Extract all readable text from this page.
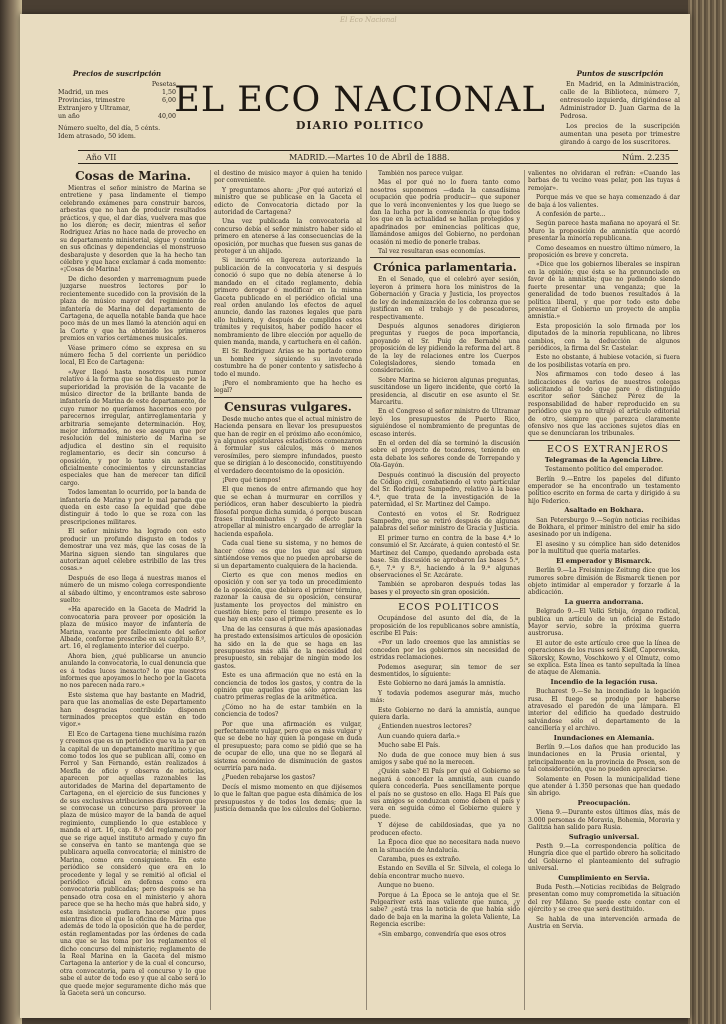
El Eco Nacional
Precios de suscripción
Pesetas
Madrid, un mes	1,50
Provincias, trimestre	6,00
Extranjero y Ultramar,
un año	40,00
Número suelto, del día, 5 cénts.
Idem atrasado, 50 idem.
EL ECO NACIONAL
DIARIO POLITICO
Puntos de suscripción
En Madrid, en la Administración, calle de la Biblioteca, número 7, entresuelo izquierda, dirigiéndose al Administrador D. Juan Garma de la Pedrosa.
Los precios de la suscripción aumentan una peseta por trimestre girando á cargo de los suscritores.
Año VII	MADRID.—Martes 10 de Abril de 1888.	Núm. 2.235

Cosas de Marina.

Mientras el señor ministro de Marina se entretiene y pasa lindamente el tiempo celebrando exámenes para construir barcos, arbestas que no han de producir resultados prácticos, y que, el dar días, vuelvera mas que no los dieron; es decir, mientras el señor Rodriguez Arias no hace nada de provecho en su departamento ministerial, sigue y continúa en sus oficinas y dependencias el monstruoso desbarajuste y desorden que la ha hecho tan célebre y que hace exclamar á cada momento: «¡Cosas de Marina!

De dicho desorden y marremagnum puede juzgarse nuestros lectores por lo recientemente sucedido con la provisión de la plaza de músico mayor del regimiento de infantería de Marina del departamento de Cartagena, de aquella notable banda que hace poco más de un mes llamó la atención aquí en la Corte y que ha obtenido los primeros premios en varios certámenes musicales.

Véase primero cómo se expresa en su número fecha 5 del corriente un periódico local, El Eco de Cartagena:

«Ayer llegó hasta nosotros un rumor relativo á la forma que se ha dispuesto por la superioridad la provisión de la vacante de músico director de la brillante banda de infantería de Marina de este departamento, de cuyo rumor no queríamos hacernos eco por parecernos irregular, antirreglamentaria y arbitraria semejante determinación. Hoy, mejor informados, no ese asegura que por resolución del ministerio de Marina se adjudica el destino sin el requisito reglamentario, es decir sin concurso á oposición, y por lo tanto sin acreditar oficialmente conocimientos y circunstancias especiales que han de merecer tan difícil cargo.

Todos lamentan lo ocurrido, por la banda de infantería de Marina y por lo mal parada que queda en este caso la equidad que debe distinguir á todo lo que se roza con las prescripciones militares.

El señor ministro ha logrado con esto producir un profundo disgusto en todos y demostrar una vez más, que las cosas de la Marina siguen siendo tan singulares que autorizan aquel célebre estribillo de las tres cosas.»

Después de eso llega á nuestras manos el número de un mismo colega correspondiente al sábado último, y encontramos este sabroso suelto:

«Ha aparecido en la Gaceta de Madrid la convocatoria para proveer por oposición la plaza de músico mayor de infantería de Marina, vacante por fallecimiento del señor Albade, conforme prescribe en su capítulo 8.º, art. 16, el reglamento interior del cuerpo.

Ahora bien, ¿qué publicarse un anuncio anulando la convocatoria, lo cual denuncia que es á todas luces inexacto? lo que nuestros informes que apoyamos lo hecho por la Gaceta no nos parecen nada raro.»

Este sistema que hay bastante en Madrid, para que las anomalías de este Departamento han desgracias contribuido disponen terminados preceptos que están en todo vigor.»

El Eco de Cartagena tiene muchísima razón y creemos que es un periódico que va la par en la capital de un departamento marítimo y que como todos los que se publican allí, como en Ferrol y San Fernando, están realizados á Mexfla de oficio y observa de noticias, aparecen por aquellas razonables las autoridades de Marina del departamento de Cartagena, en el ejercicio de sus funciones y de sus exclusivas atribuciones dispusieron que se convocase un concurso para proveer la plaza de músico mayor de la banda de aquel regimiento, cumpliendo lo que establece y manda el art. 16, cap. 8.º del reglamento por que se rige aquel instituto armado y cuyo fin se conserva en tanto se mantenga que se publicara aquella convocatoria; el ministro de Marina, como era consiguiente. En este periódico se consideró que era en lo procedente y legal y se remitió al oficial el periódico oficial en defensa como era convocatoria publicadas; pero después se ha pensado otra cosa en el ministerio y ahora parece que se ha hecho más que habrá sido, y esta insistencia pudiera hacerse que pues mientras dice el que la oficina de Marina que además de todo la oposición que ha de perder, están reglamentadas por las órdenes de cada una que se las toma por los reglamentos el dicho concurso del ministerio; reglamento de la Real Marina en la Gaceta del mismo Cartagena la anterior y de la cual el concurso, otra convocatoria, para el concurso y lo que sabe el autor de todo eso y que al cabo será lo que quede mejor seguramente dicho más que la Gaceta será un concurso.

el destino de músico mayor á quien ha tenido por conveniente.

Y preguntamos ahora: ¿Por qué autorizó el ministro que se publicase en la Gaceta el edicto de Convocatoria dictado por la autoridad de Cartagena?

Una vez publicada la convocatoria al concurso debía el señor ministro haber sido el primero en atenerse á las consecuencias de la oposición, por muchas que fuesen sus ganas de proteger á un ahijado.

Si incurrió en ligereza autorizando la publicación de la convocatoria y si después conoció ó supo que no debía atenerse á lo mandado en el citado reglamento, debía primero derogar ó modificar en la misma Gaceta publicado en el periódico oficial una real orden anulando los efectos de aquel anuncio, dando las razones legales que para ello hubiera, y después de cumplidos estos trámites y requisitos, haber podido hacer el nombramiento de libre elección por aquello de quien manda, manda, y cartuchera en el cañón.

El Sr. Rodriguez Arias se ha portado como un hombre y siguiendo su inveterada costumbre ha de poner contento y satisfecho á todo el mundo.

¡Pero el nombramiento que ha hecho es legal?

Censuras vulgares.

Desde mucho antes que el actual ministro de Hacienda pensara en llevar los presupuestos que han de regir en el próximo año económico, ya algunos epistolares estadísticos comenzaron á formular sus cálculos, más ó menos verosímiles, pero siempre infundados, puesto que se dirigían á lo desconocido, constituyendo el verdadero decentoismo de la oposición.

¡Pero qué tiempos!

El que menos de entre afirmando que hoy que se echan á murmurar en corrillos y periódicos, eran haber descubierto la piedra filosofal porque dicha sumida, ó porque buscan frases rimbombantes y de efecto para atropellar al ministro encargado de arreglar la hacienda española.

Cada cual tiene su sistema, y no hemos de hacer cómo es que los que así siguen sintiéndose vemos que no pueden aprobarse de si un departamento cualquiera de la hacienda.

Cierto es que con menos medios en oposición y con ser ya todo un procedimiento de la oposición, que debiera el primer término, razonar la causa de su oposición, censurar justamente los proyectos del ministro en cuestión bien; pero el tiempo presente es lo que hay en este caso el primero.

Una de las censuras á que más apasionadas ha prestado extensísimos artículos de oposición ha sido en la de que se haga en las presupuestos más allá de la necesidad del presupuesto, sin rebajar de ningún modo los gastos.

Este es una afirmación que no está en la conciencia de todos los gastos, y contra de la opinión que aquellos que sólo aprecian las cuatro primeras reglas de la aritmética.

¿Cómo no ha de estar también en la conciencia de todos?

Por que una afirmación es vulgar, perfectamente vulgar, pero que es más vulgar y que se debe no hay quien la pongase en duda el presupuesto; para como se pidió que se ha de ocupar de ello, una que no se llegará al sistema económico de disminución de gastos ocurriría para nada.

¿Pueden rebajarse los gastos?

Decís el mismo momento en que dijésemos lo que le faltan que pague esta dinámica de los presupuestos y de todos los demás; que la justicia demanda que los cálculos del Gobierno.

También nos parece vulgar.

Mas el por qué no lo fuera tanto como nosotros suponemos —dada la cansadísima ocupación que podría producir— que suponer que lo verá inconvenientes y los que luego se dan la lucha por la conveniencia lo que todos los que en la actualidad se hallan protegidos y apadrinados por eminencias políticas que, llamándose amigos del Gobierno, no perdonan ocasión ni medio de ponerle trabas.

Tal vez resultaran esas economías.

Crónica parlamentaria.

En el Senado, que el celebró ayer sesión, leyeron á primera hora los ministros de la Gobernación y Gracia y Justicia, los proyectos de ley de indemnización de los cobranza que se justifican en el trabajo y de pescadores, respectivamente.

Después algunos senadores dirigieron preguntas y ruegos de poca importancia, apoyando el Sr. Puig de Bernabé una proposición de ley pidiendo la reforma del art. 8 de la ley de relaciones entre los Cuerpos Colegisladores, siendo tomada en consideración.

Sobre Marina se hicieron algunas preguntas, suscitándose un ligero incidente, que cortó la presidencia, al discutir en ese asunto el Sr. Marcaritu.

En el Congreso el señor ministro de Ultramar leyó los presupuestos de Puerto Rico, siguiéndose el nombramiento de preguntas de escaso interés.

En el orden del día se terminó la discusión sobre el proyecto de tocadores, teniendo en esta debate los señores conde de Torrepando y Ola-Gayón.

Después continuó la discusión del proyecto de Código civil, combatiendo el voto particular del Sr. Rodriguez Sampedro, relativo á la base 4.ª, que trata de la investigación de la paternidad, el Sr. Martinez del Campo.

Contestó en votos el Sr. Rodriguez Sampedro, que se retiró después de algunas palabras del señor ministro de Gracia y Justicia.

El primer turno en contra de la base 4.ª lo consumió el Sr. Azcárate, á quien contestó el Sr. Martinez del Campo, quedando aprobada esta base. Sin discusión se aprobaron las bases 5.ª, 6.ª, 7.ª y 8.ª, haciendo á la 9.ª algunas observaciones el Sr. Azcárate.

También se aprobaron después todas las bases y el proyecto sin gran oposición.

ECOS POLITICOS

Ocupándose del asunto del día, de la proposición de los republicanos sobre amnistía, escribe El País:

«Por un lado creemos que las amnistías se conceden por los gobiernos sin necesidad de estridas reclamaciones.

Podemos asegurar, sin temor de ser desmentidos, lo siguiente:

Este Gobierno no dará jamás la amnistía.

Y todavía podemos asegurar más, mucho más:

Este Gobierno no dará la amnistía, aunque quiera darla.

¿Entienden nuestros lectores?

Aun cuando quiera darla.»

Mucho sabe El País.

No duda de que conoce muy bien á sus amigos y sabe qué no la merecen.

¿Quién sabe? El País por qué el Gobierno se negará á conceder la amnistía, aun cuando quiera concederla. Pues sencillamente porque el país no se gustoso en ello. Haga El País que sus amigos se conduzcan como deben el país y vera en seguida cómo el Gobierno quiere y puede.

Y déjese de cabildosiadas, que ya no producen efecto.

La Época dice que no necesitara nada nuevo en la situación de Andalucía.

Caramba, pues es extraño.

Estando en Sevilla el Sr. Silvela, el colega lo debía encontrar mucho nuevo.

Aunque no bueno.

Porque á La Época se le antoja que el Sr. Pelgeariver está mas valiente que nunca, ¿y sabe? ¿está tras la noticia de que había sido dado de baja en la marina la goleta Valiente, La Regencia escribe:

«Sin embargo, convendría que esos otros

valientes no olvidaran el refrán: «Cuando las barbas de tu vecino veas pelar, pon las tuyas á remojar».

Porque más ve que se haya comenzado á dar de baja á los valientes.

A confesión de parte...

Según parece hasta mañana no apoyará el Sr. Muro la proposición de amnistía que acordó presentar la minoría republicana.

Como deseamos en nuestro último número, la proposición es breve y concreta.

«Dice que los gobiernos liberales se inspiran en la opinión; que ésta se ha pronunciado en favor de la amnistía; que no pudiendo siendo fuerte presentar una venganza; que la generalidad de todo buenos resultados á la política liberal, y que por todo esto debe presentar el Gobierno un proyecto de amplia amnistía.»

Esta proposición la solo firmada por los diputados de la minoría republicana, no libres cambios, con la deducción de algunos periódicos, la firma del Sr. Castelar.

Este no obstante, á hubiese votación, si fuera de los posibilistas votaría en pro.

Nos afirmamos con todo deseo á las indicaciones de varios de nuestros colegas solicitando al todo que pare ó distinguido escritor señor Sánchez Pérez de la responsabilidad de haber reproducido en su periódico que ya no ultrajó el artículo editorial de otro, siempre que parezca claramente ofensivo nos que las acciones sujetos días en que se denunciaran los tribunales.

ECOS EXTRANJEROS

Telegramas de la Agencia Libre.

Testamento político del emperador.

Berlín 9.—Entre los papeles del difunto emperador se ha encontrado un testamento político escrito en forma de carta y dirigido á su hijo Federico.

Asaltado en Bokhara.

San Petersburgo 9.—Según noticias recibidas de Bokhara, el primer ministro del emir ha sido asesinado por un indígena.

El asesino y su cómplice han sido detenidos por la multitud que quería matarles.

El emperador y Bismarck.

Berlín 9.—La Freisinnige Zeitung dice que los rumores sobre dimisión de Bismarck tienen por objeto intimidar al emperador y forzarle á la abdicación.

La guerra andorrana.

Belgrado 9.—El Velki Srbija, órgano radical, publica un artículo de un oficial de Estado Mayor servio, sobre la próxima guerra austrorusa.

El autor de este artículo cree que la línea de operaciones de los rusos será Kieff, Caporowska, Sikorsky, Kowno, Voschkowo y el Olmutz, como se explica. Esta línea es tanto sepultada la línea de ataque de Alemania.

Incendio de la legación rusa.

Bucharest 9.—Se ha incendiado la legación rusa. El fuego se produjo por haberse atravesado el paredón de una lámpara. El interior del edificio ha quedado destruido salvándose sólo el departamento de la cancillería y el archivo.

Inundaciones en Alemania.

Berlín 9.—Los daños que han producido las inundaciones en la Prusia oriental, y principalmente en la provincia de Posen, son de tal consideración, que no pueden apreciarse.

Solamente en Posen la municipalidad tiene que atender á 1.350 personas que han quedado sin abrigo.

Preocupación.

Viena 9.—Durante estos últimos días, más de 3.000 personas de Moravia, Bohemia, Moravia y Galitzia han salido para Rusia.

Sufragio universal.

Pesth 9.—La correspondencia política de Hungría dice que el partido obrero ha solicitado del Gobierno el planteamiento del sufragio universal.

Cumplimiento en Servia.

Buda Pesth.—Noticias recibidas de Belgrado presentan como muy comprometida la situación del rey Milano. Se puede este contar con el ejército y se cree que será destituido.

Se habla de una intervención armada de Austria en Servia.
